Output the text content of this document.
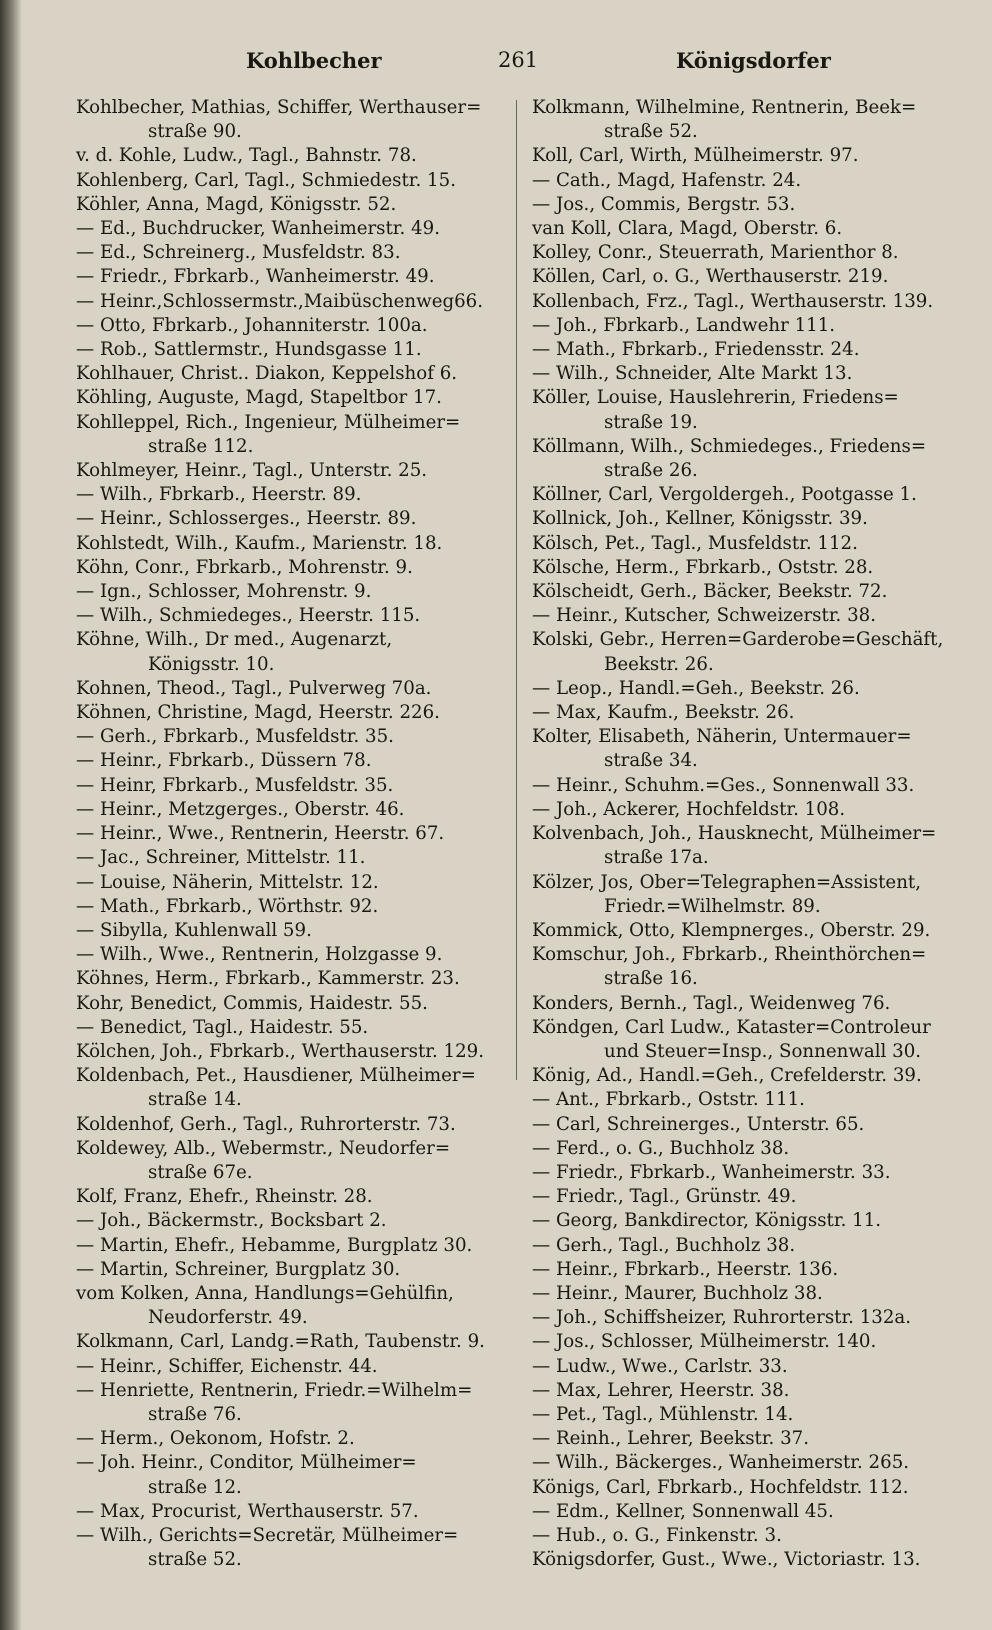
Kohlbecher	261	Königsdorfer
Kohlbecher, Mathias, Schiffer, Werthauser=
straße 90.
v. d. Kohle, Ludw., Tagl., Bahnstr. 78.
Kohlenberg, Carl, Tagl., Schmiedestr. 15.
Köhler, Anna, Magd, Königsstr. 52.
— Ed., Buchdrucker, Wanheimerstr. 49.
— Ed., Schreinerg., Musfeldstr. 83.
— Friedr., Fbrkarb., Wanheimerstr. 49.
— Heinr.,Schlossermstr.,Maibüschenweg66.
— Otto, Fbrkarb., Johanniterstr. 100a.
— Rob., Sattlermstr., Hundsgasse 11.
Kohlhauer, Christ.. Diakon, Keppelshof 6.
Köhling, Auguste, Magd, Stapeltbor 17.
Kohlleppel, Rich., Ingenieur, Mülheimer=
straße 112.
Kohlmeyer, Heinr., Tagl., Unterstr. 25.
— Wilh., Fbrkarb., Heerstr. 89.
— Heinr., Schlosserges., Heerstr. 89.
Kohlstedt, Wilh., Kaufm., Marienstr. 18.
Köhn, Conr., Fbrkarb., Mohrenstr. 9.
— Ign., Schlosser, Mohrenstr. 9.
— Wilh., Schmiedeges., Heerstr. 115.
Köhne, Wilh., Dr med., Augenarzt,
Königsstr. 10.
Kohnen, Theod., Tagl., Pulverweg 70a.
Köhnen, Christine, Magd, Heerstr. 226.
— Gerh., Fbrkarb., Musfeldstr. 35.
— Heinr., Fbrkarb., Düssern 78.
— Heinr, Fbrkarb., Musfeldstr. 35.
— Heinr., Metzgerges., Oberstr. 46.
— Heinr., Wwe., Rentnerin, Heerstr. 67.
— Jac., Schreiner, Mittelstr. 11.
— Louise, Näherin, Mittelstr. 12.
— Math., Fbrkarb., Wörthstr. 92.
— Sibylla, Kuhlenwall 59.
— Wilh., Wwe., Rentnerin, Holzgasse 9.
Köhnes, Herm., Fbrkarb., Kammerstr. 23.
Kohr, Benedict, Commis, Haidestr. 55.
— Benedict, Tagl., Haidestr. 55.
Kölchen, Joh., Fbrkarb., Werthauserstr. 129.
Koldenbach, Pet., Hausdiener, Mülheimer=
straße 14.
Koldenhof, Gerh., Tagl., Ruhrorterstr. 73.
Koldewey, Alb., Webermstr., Neudorfer=
straße 67e.
Kolf, Franz, Ehefr., Rheinstr. 28.
— Joh., Bäckermstr., Bocksbart 2.
— Martin, Ehefr., Hebamme, Burgplatz 30.
— Martin, Schreiner, Burgplatz 30.
vom Kolken, Anna, Handlungs=Gehülfin,
Neudorferstr. 49.
Kolkmann, Carl, Landg.=Rath, Taubenstr. 9.
— Heinr., Schiffer, Eichenstr. 44.
— Henriette, Rentnerin, Friedr.=Wilhelm=
straße 76.
— Herm., Oekonom, Hofstr. 2.
— Joh. Heinr., Conditor, Mülheimer=
straße 12.
— Max, Procurist, Werthauserstr. 57.
— Wilh., Gerichts=Secretär, Mülheimer=
straße 52.
Kolkmann, Wilhelmine, Rentnerin, Beek=
straße 52.
Koll, Carl, Wirth, Mülheimerstr. 97.
— Cath., Magd, Hafenstr. 24.
— Jos., Commis, Bergstr. 53.
van Koll, Clara, Magd, Oberstr. 6.
Kolley, Conr., Steuerrath, Marienthor 8.
Köllen, Carl, o. G., Werthauserstr. 219.
Kollenbach, Frz., Tagl., Werthauserstr. 139.
— Joh., Fbrkarb., Landwehr 111.
— Math., Fbrkarb., Friedensstr. 24.
— Wilh., Schneider, Alte Markt 13.
Köller, Louise, Hauslehrerin, Friedens=
straße 19.
Köllmann, Wilh., Schmiedeges., Friedens=
straße 26.
Köllner, Carl, Vergoldergeh., Pootgasse 1.
Kollnick, Joh., Kellner, Königsstr. 39.
Kölsch, Pet., Tagl., Musfeldstr. 112.
Kölsche, Herm., Fbrkarb., Oststr. 28.
Kölscheidt, Gerh., Bäcker, Beekstr. 72.
— Heinr., Kutscher, Schweizerstr. 38.
Kolski, Gebr., Herren=Garderobe=Geschäft,
Beekstr. 26.
— Leop., Handl.=Geh., Beekstr. 26.
— Max, Kaufm., Beekstr. 26.
Kolter, Elisabeth, Näherin, Untermauer=
straße 34.
— Heinr., Schuhm.=Ges., Sonnenwall 33.
— Joh., Ackerer, Hochfeldstr. 108.
Kolvenbach, Joh., Hausknecht, Mülheimer=
straße 17a.
Kölzer, Jos, Ober=Telegraphen=Assistent,
Friedr.=Wilhelmstr. 89.
Kommick, Otto, Klempnerges., Oberstr. 29.
Komschur, Joh., Fbrkarb., Rheinthörchen=
straße 16.
Konders, Bernh., Tagl., Weidenweg 76.
Köndgen, Carl Ludw., Kataster=Controleur
und Steuer=Insp., Sonnenwall 30.
König, Ad., Handl.=Geh., Crefelderstr. 39.
— Ant., Fbrkarb., Oststr. 111.
— Carl, Schreinerges., Unterstr. 65.
— Ferd., o. G., Buchholz 38.
— Friedr., Fbrkarb., Wanheimerstr. 33.
— Friedr., Tagl., Grünstr. 49.
— Georg, Bankdirector, Königsstr. 11.
— Gerh., Tagl., Buchholz 38.
— Heinr., Fbrkarb., Heerstr. 136.
— Heinr., Maurer, Buchholz 38.
— Joh., Schiffsheizer, Ruhrorterstr. 132a.
— Jos., Schlosser, Mülheimerstr. 140.
— Ludw., Wwe., Carlstr. 33.
— Max, Lehrer, Heerstr. 38.
— Pet., Tagl., Mühlenstr. 14.
— Reinh., Lehrer, Beekstr. 37.
— Wilh., Bäckerges., Wanheimerstr. 265.
Königs, Carl, Fbrkarb., Hochfeldstr. 112.
— Edm., Kellner, Sonnenwall 45.
— Hub., o. G., Finkenstr. 3.
Königsdorfer, Gust., Wwe., Victoriastr. 13.
